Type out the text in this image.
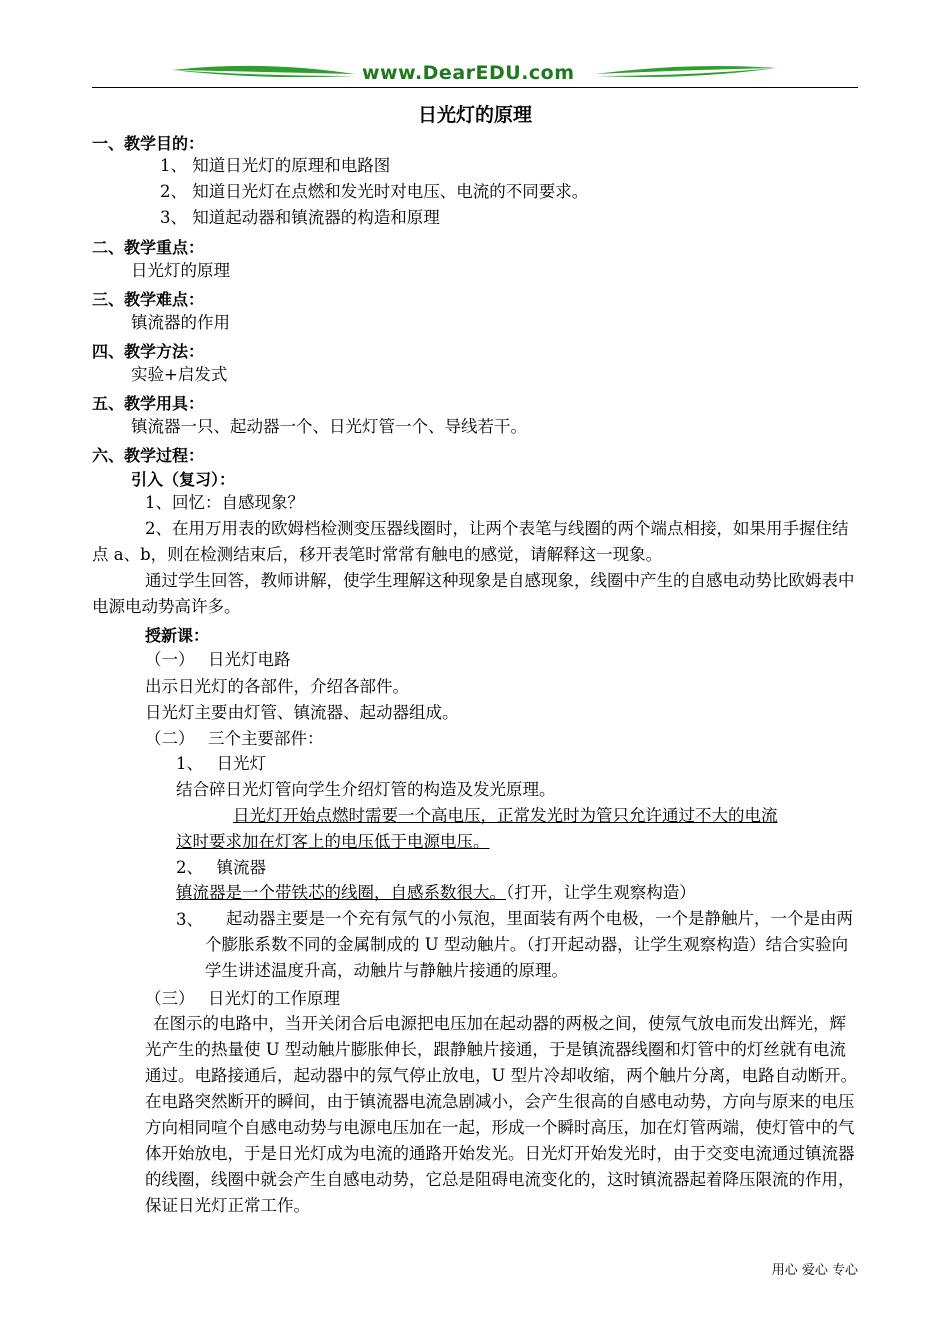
www.DearEDU.com
日光灯的原理
一、教学目的：
1、 知道日光灯的原理和电路图
2、 知道日光灯在点燃和发光时对电压、电流的不同要求。
3、 知道起动器和镇流器的构造和原理
二、教学重点：
日光灯的原理
三、教学难点：
镇流器的作用
四、教学方法：
实验+启发式
五、教学用具：
镇流器一只、起动器一个、日光灯管一个、导线若干。
六、教学过程：
引入（复习）：
1、回忆：自感现象？
2、在用万用表的欧姆档检测变压器线圈时，让两个表笔与线圈的两个端点相接，如果用手握住结点 a、b，则在检测结束后，移开表笔时常常有触电的感觉，请解释这一现象。
通过学生回答，教师讲解，使学生理解这种现象是自感现象，线圈中产生的自感电动势比欧姆表中电源电动势高许多。
授新课：
（一）　 日光灯电路
出示日光灯的各部件，介绍各部件。
日光灯主要由灯管、镇流器、起动器组成。
（二）　 三个主要部件：
1、　 日光灯
结合碎日光灯管向学生介绍灯管的构造及发光原理。
日光灯开始点燃时需要一个高电压，正常发光时为管只允许通过不大的电流
这时要求加在灯客上的电压低于电源电压。
2、　 镇流器
镇流器是一个带铁芯的线圈，自感系数很大。（打开，让学生观察构造）
3、	起动器主要是一个充有氖气的小氖泡，里面装有两个电极，一个是静触片，一个是由两个膨胀系数不同的金属制成的 U 型动触片。（打开起动器，让学生观察构造）结合实验向学生讲述温度升高，动触片与静触片接通的原理。
（三）　 日光灯的工作原理
在图示的电路中，当开关闭合后电源把电压加在起动器的两极之间，使氖气放电而发出辉光，辉光产生的热量使 U 型动触片膨胀伸长，跟静触片接通，于是镇流器线圈和灯管中的灯丝就有电流通过。电路接通后，起动器中的氖气停止放电，U 型片冷却收缩，两个触片分离，电路自动断开。在电路突然断开的瞬间，由于镇流器电流急剧减小，会产生很高的自感电动势，方向与原来的电压方向相同喧个自感电动势与电源电压加在一起，形成一个瞬时高压，加在灯管两端，使灯管中的气体开始放电，于是日光灯成为电流的通路开始发光。日光灯开始发光时，由于交变电流通过镇流器的线圈，线圈中就会产生自感电动势，它总是阻碍电流变化的，这时镇流器起着降压限流的作用，保证日光灯正常工作。
用心 爱心 专心
